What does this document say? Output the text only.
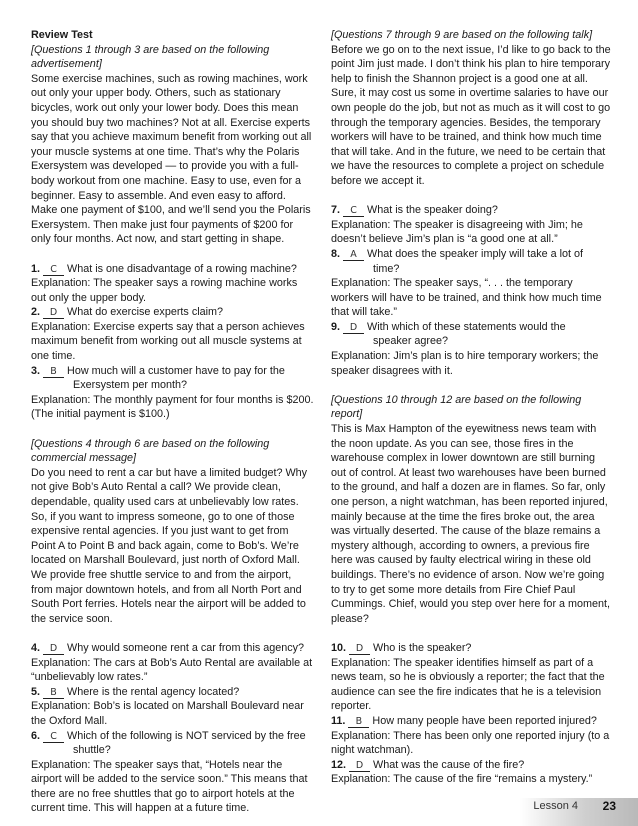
Review Test
[Questions 1 through 3 are based on the following advertisement]

Some exercise machines, such as rowing machines, work out only your upper body. Others, such as stationary bicycles, work out only your lower body. Does this mean you should buy two machines? Not at all. Exercise experts say that you achieve maximum benefit from working out all your muscle systems at one time. That’s why the Polaris Exersystem was developed — to provide you with a full-body workout from one machine. Easy to use, even for a beginner. Easy to assemble. And even easy to afford. Make one payment of $100, and we’ll send you the Polaris Exersystem. Then make just four payments of $200 for only four months. Act now, and start getting in shape.

1. C What is one disadvantage of a rowing machine?
Explanation: The speaker says a rowing machine works out only the upper body.
2. D What do exercise experts claim?
Explanation: Exercise experts say that a person achieves maximum benefit from working out all muscle systems at one time.
3. B How much will a customer have to pay for the
Exersystem per month?
Explanation: The monthly payment for four months is $200. (The initial payment is $100.)
[Questions 4 through 6 are based on the following commercial message]

Do you need to rent a car but have a limited budget? Why not give Bob’s Auto Rental a call? We provide clean, dependable, quality used cars at unbelievably low rates. So, if you want to impress someone, go to one of those expensive rental agencies. If you just want to get from Point A to Point B and back again, come to Bob’s. We’re located on Marshall Boulevard, just north of Oxford Mall. We provide free shuttle service to and from the airport, from major downtown hotels, and from all North Port and South Port ferries. Hotels near the airport will be added to the service soon.

4. D Why would someone rent a car from this agency?
Explanation: The cars at Bob’s Auto Rental are available at “unbelievably low rates.”
5. B Where is the rental agency located?
Explanation: Bob’s is located on Marshall Boulevard near the Oxford Mall.
6. C Which of the following is NOT serviced by the free
shuttle?
Explanation: The speaker says that, “Hotels near the airport will be added to the service soon.” This means that there are no free shuttles that go to airport hotels at the current time. This will happen at a future time.
[Questions 7 through 9 are based on the following talk]

Before we go on to the next issue, I’d like to go back to the point Jim just made. I don’t think his plan to hire temporary help to finish the Shannon project is a good one at all. Sure, it may cost us some in overtime salaries to have our own people do the job, but not as much as it will cost to go through the temporary agencies. Besides, the temporary workers will have to be trained, and think how much time that will take. And in the future, we need to be certain that we have the resources to complete a project on schedule before we accept it.

7. C What is the speaker doing?
Explanation: The speaker is disagreeing with Jim; he doesn’t believe Jim’s plan is “a good one at all.”
8. A What does the speaker imply will take a lot of
time?
Explanation: The speaker says, “. . . the temporary workers will have to be trained, and think how much time that will take.”
9. D With which of these statements would the
speaker agree?
Explanation: Jim’s plan is to hire temporary workers; the speaker disagrees with it.
[Questions 10 through 12 are based on the following report]

This is Max Hampton of the eyewitness news team with the noon update. As you can see, those fires in the warehouse complex in lower downtown are still burning out of control. At least two warehouses have been burned to the ground, and half a dozen are in flames. So far, only one person, a night watchman, has been reported injured, mainly because at the time the fires broke out, the area was virtually deserted. The cause of the blaze remains a mystery although, according to owners, a previous fire here was caused by faulty electrical wiring in these old buildings. There’s no evidence of arson. Now we’re going to try to get some more details from Fire Chief Paul Cummings. Chief, would you step over here for a moment, please?

10. D Who is the speaker?
Explanation: The speaker identifies himself as part of a news team, so he is obviously a reporter; the fact that the audience can see the fire indicates that he is a television reporter.
11. B How many people have been reported injured?
Explanation: There has been only one reported injury (to a night watchman).
12. D What was the cause of the fire?
Explanation: The cause of the fire “remains a mystery.”
Lesson 4 23
